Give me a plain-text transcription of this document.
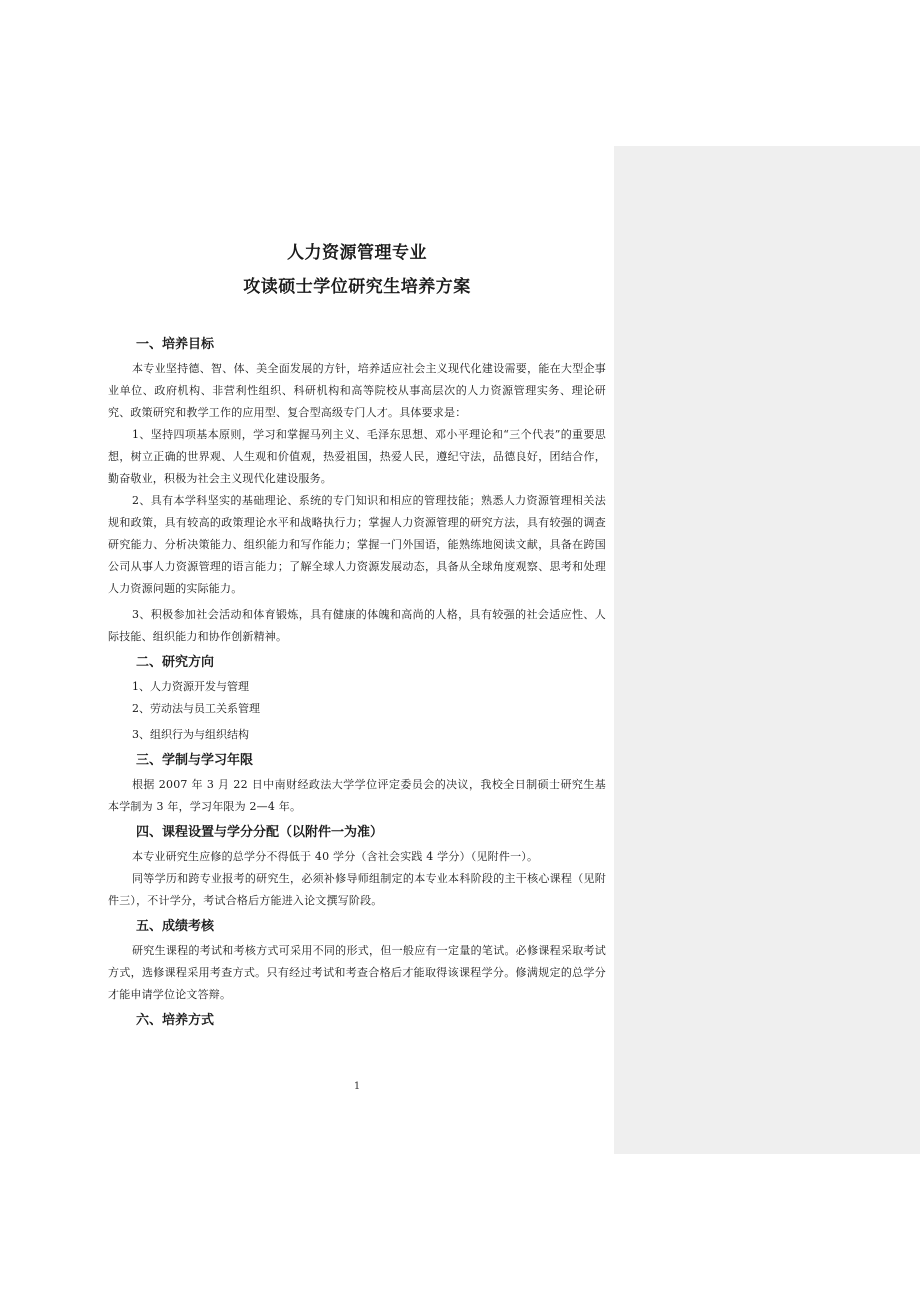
人力资源管理专业
攻读硕士学位研究生培养方案
一、培养目标

本专业坚持德、智、体、美全面发展的方针，培养适应社会主义现代化建设需要，能在大型企事业单位、政府机构、非营利性组织、科研机构和高等院校从事高层次的人力资源管理实务、理论研究、政策研究和教学工作的应用型、复合型高级专门人才。具体要求是：

1、坚持四项基本原则，学习和掌握马列主义、毛泽东思想、邓小平理论和“三个代表”的重要思想，树立正确的世界观、人生观和价值观，热爱祖国，热爱人民，遵纪守法，品德良好，团结合作，勤奋敬业，积极为社会主义现代化建设服务。

2、具有本学科坚实的基础理论、系统的专门知识和相应的管理技能；熟悉人力资源管理相关法规和政策，具有较高的政策理论水平和战略执行力；掌握人力资源管理的研究方法，具有较强的调查研究能力、分析决策能力、组织能力和写作能力；掌握一门外国语，能熟练地阅读文献，具备在跨国公司从事人力资源管理的语言能力；了解全球人力资源发展动态，具备从全球角度观察、思考和处理人力资源问题的实际能力。

3、积极参加社会活动和体育锻炼，具有健康的体魄和高尚的人格，具有较强的社会适应性、人际技能、组织能力和协作创新精神。

二、研究方向

1、人力资源开发与管理

2、劳动法与员工关系管理

3、组织行为与组织结构

三、学制与学习年限

根据 2007 年 3 月 22 日中南财经政法大学学位评定委员会的决议，我校全日制硕士研究生基本学制为 3 年，学习年限为 2—4 年。

四、课程设置与学分分配（以附件一为准）

本专业研究生应修的总学分不得低于 40 学分（含社会实践 4 学分）（见附件一）。

同等学历和跨专业报考的研究生，必须补修导师组制定的本专业本科阶段的主干核心课程（见附件三），不计学分，考试合格后方能进入论文撰写阶段。

五、成绩考核

研究生课程的考试和考核方式可采用不同的形式，但一般应有一定量的笔试。必修课程采取考试方式，选修课程采用考查方式。只有经过考试和考查合格后才能取得该课程学分。修满规定的总学分才能申请学位论文答辩。

六、培养方式
1
